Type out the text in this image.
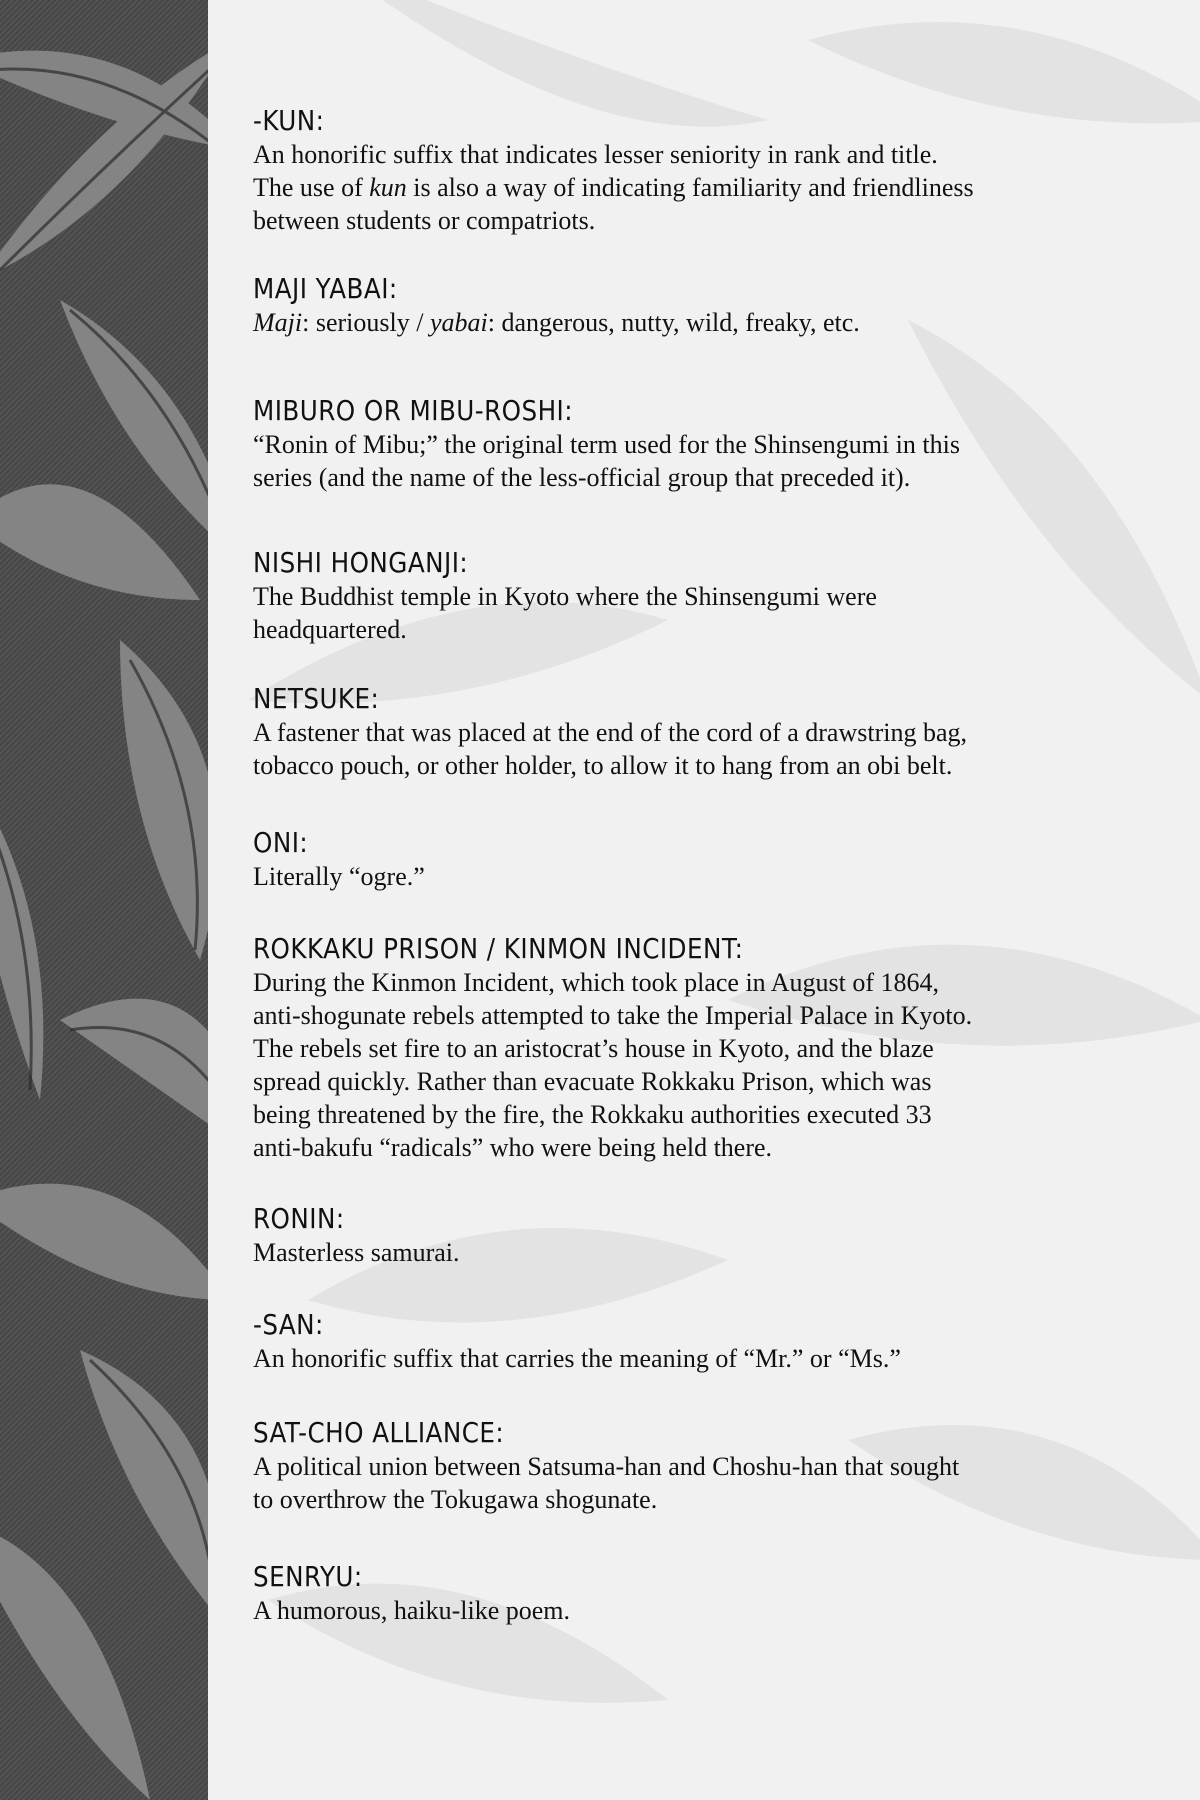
-KUN:

An honorific suffix that indicates lesser seniority in rank and title.
The use of kun is also a way of indicating familiarity and friendliness
between students or compatriots.

MAJI YABAI:

Maji: seriously / yabai: dangerous, nutty, wild, freaky, etc.

MIBURO OR MIBU-ROSHI:

“Ronin of Mibu;” the original term used for the Shinsengumi in this
series (and the name of the less-official group that preceded it).

NISHI HONGANJI:

The Buddhist temple in Kyoto where the Shinsengumi were
headquartered.

NETSUKE:

A fastener that was placed at the end of the cord of a drawstring bag,
tobacco pouch, or other holder, to allow it to hang from an obi belt.

ONI:

Literally “ogre.”

ROKKAKU PRISON / KINMON INCIDENT:

During the Kinmon Incident, which took place in August of 1864,
anti-shogunate rebels attempted to take the Imperial Palace in Kyoto.
The rebels set fire to an aristocrat’s house in Kyoto, and the blaze
spread quickly. Rather than evacuate Rokkaku Prison, which was
being threatened by the fire, the Rokkaku authorities executed 33
anti-bakufu “radicals” who were being held there.

RONIN:

Masterless samurai.

-SAN:

An honorific suffix that carries the meaning of “Mr.” or “Ms.”

SAT-CHO ALLIANCE:

A political union between Satsuma-han and Choshu-han that sought
to overthrow the Tokugawa shogunate.

SENRYU:

A humorous, haiku-like poem.
